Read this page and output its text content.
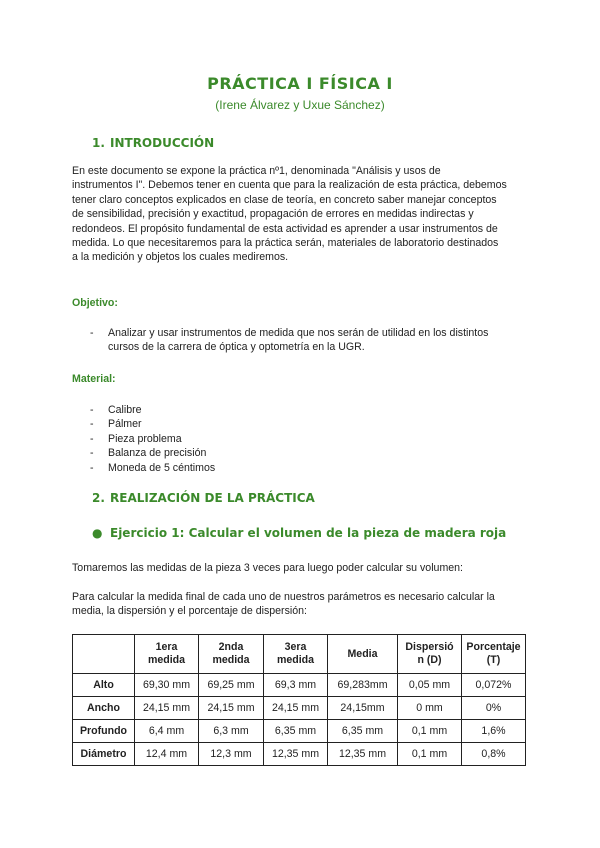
PRÁCTICA I FÍSICA I
(Irene Álvarez y Uxue Sánchez)
1. INTRODUCCIÓN
En este documento se expone la práctica nº1, denominada "Análisis y usos de
instrumentos I". Debemos tener en cuenta que para la realización de esta práctica, debemos
tener claro conceptos explicados en clase de teoría, en concreto saber manejar conceptos
de sensibilidad, precisión y exactitud, propagación de errores en medidas indirectas y
redondeos. El propósito fundamental de esta actividad es aprender a usar instrumentos de
medida. Lo que necesitaremos para la práctica serán, materiales de laboratorio destinados
a la medición y objetos los cuales mediremos.
Objetivo:
- Analizar y usar instrumentos de medida que nos serán de utilidad en los distintos
cursos de la carrera de óptica y optometría en la UGR.
Material:
- Calibre
- Pálmer
- Pieza problema
- Balanza de precisión
- Moneda de 5 céntimos
2. REALIZACIÓN DE LA PRÁCTICA
● Ejercicio 1: Calcular el volumen de la pieza de madera roja
Tomaremos las medidas de la pieza 3 veces para luego poder calcular su volumen:
Para calcular la medida final de cada uno de nuestros parámetros es necesario calcular la
media, la dispersión y el porcentaje de dispersión:
	1era
medida	2nda
medida	3era
medida	Media	Dispersió
n (D)	Porcentaje
(T)
Alto	69,30 mm	69,25 mm	69,3 mm	69,283mm	0,05 mm	0,072%
Ancho	24,15 mm	24,15 mm	24,15 mm	24,15mm	0 mm	0%
Profundo	6,4 mm	6,3 mm	6,35 mm	6,35 mm	0,1 mm	1,6%
Diámetro	12,4 mm	12,3 mm	12,35 mm	12,35 mm	0,1 mm	0,8%
